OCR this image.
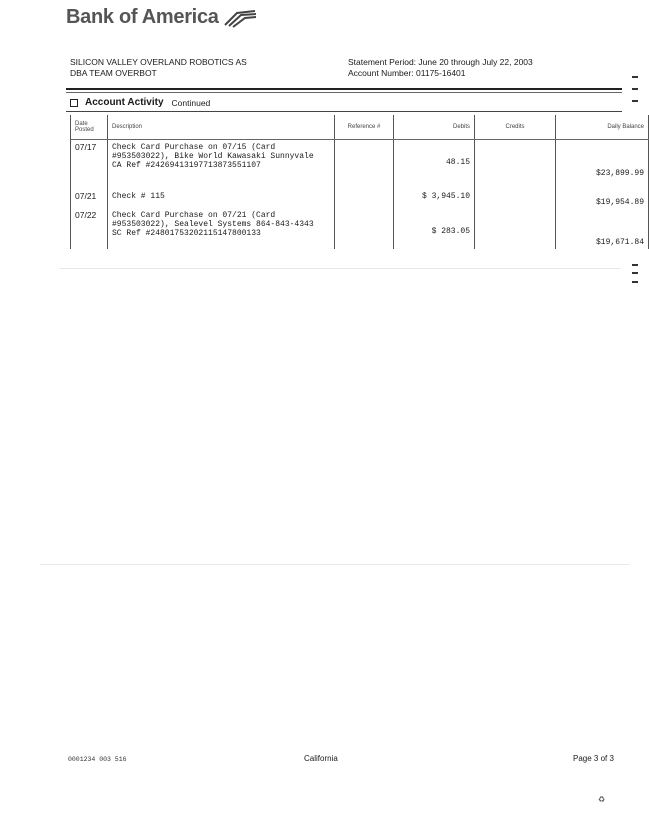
Bank of America
SILICON VALLEY OVERLAND ROBOTICS AS
DBA TEAM OVERBOT
Statement Period: June 20 through July 22, 2003
Account Number: 01175-16401
Account Activity Continued
Date Posted	Description	Reference #	Debits	Credits	Daily Balance
07/17	Check Card Purchase on 07/15 (Card
#953503022), Bike World Kawasaki Sunnyvale
CA Ref #24269413197713873551107		48.15		$23,899.99

07/21	Check # 115		$ 3,945.10		$19,954.89

07/22	Check Card Purchase on 07/21 (Card
#953503022), Sealevel Systems 864-843-4343
SC Ref #24801753202115147800133		$ 283.05		$19,671.84
0001234 003 516	California	Page 3 of 3
♻
